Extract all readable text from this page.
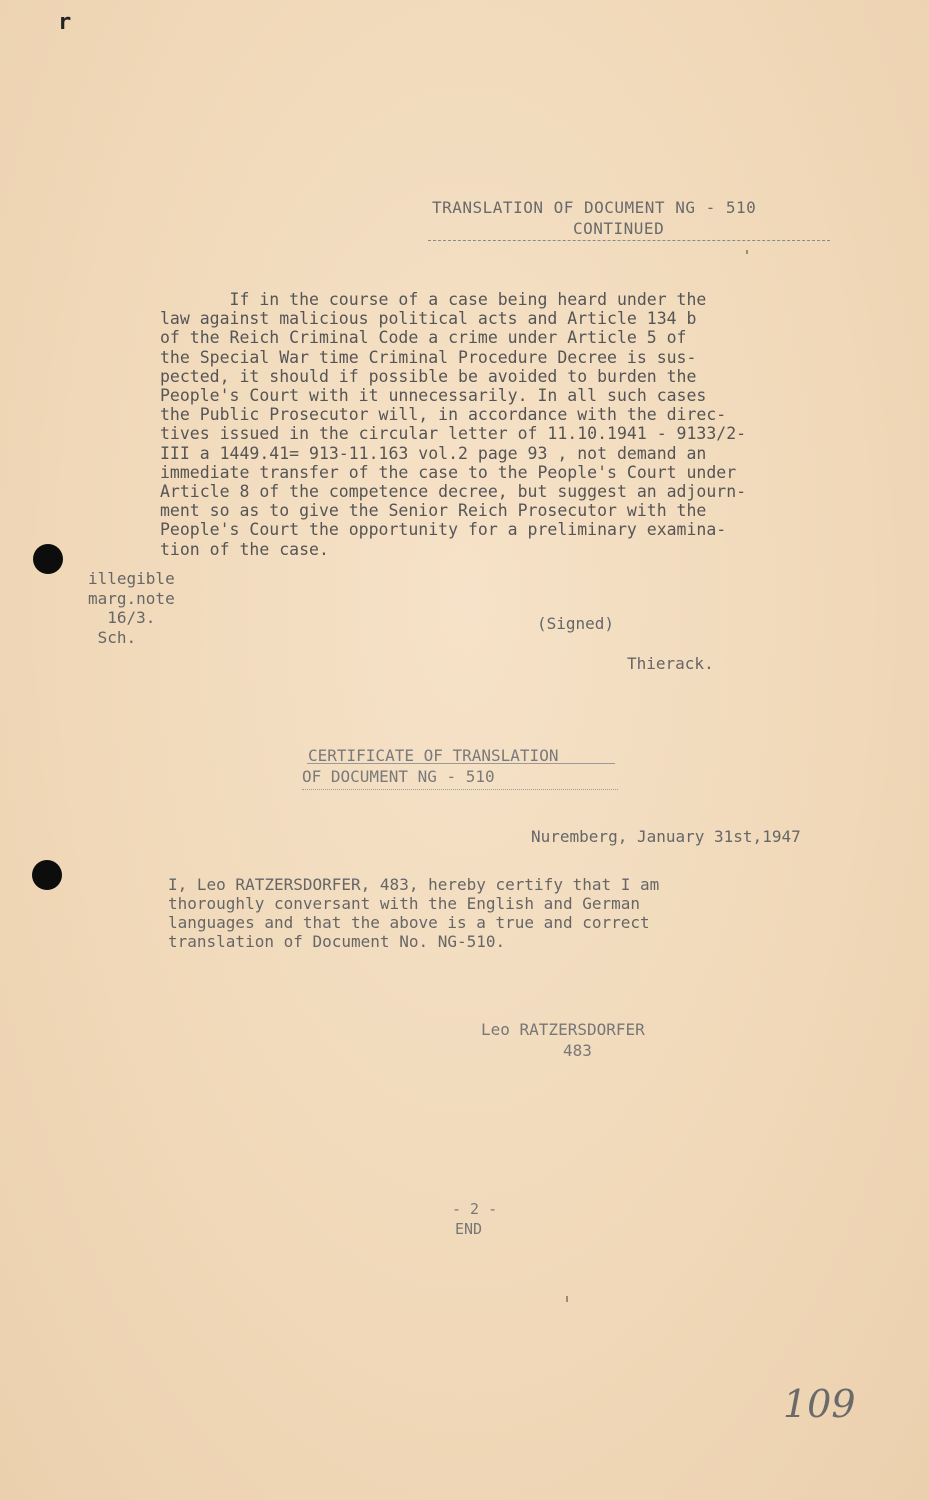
r
TRANSLATION OF DOCUMENT NG - 510
CONTINUED
If in the course of a case being heard under the
law against malicious political acts and Article 134 b
of the Reich Criminal Code a crime under Article 5 of
the Special War time Criminal Procedure Decree is sus-
pected, it should if possible be avoided to burden the
People's Court with it unnecessarily. In all such cases
the Public Prosecutor will, in accordance with the direc-
tives issued in the circular letter of 11.10.1941 - 9133/2-
III a 1449.41= 913-11.163 vol.2 page 93 , not demand an
immediate transfer of the case to the People's Court under
Article 8 of the competence decree, but suggest an adjourn-
ment so as to give the Senior Reich Prosecutor with the
People's Court the opportunity for a preliminary examina-
tion of the case.
illegible
marg.note
16/3.
Sch.
(Signed)
Thierack.
CERTIFICATE OF TRANSLATION
OF DOCUMENT NG - 510
Nuremberg, January 31st,1947
I, Leo RATZERSDORFER, 483, hereby certify that I am
thoroughly conversant with the English and German
languages and that the above is a true and correct
translation of Document No. NG-510.
Leo RATZERSDORFER
483
- 2 -
END
109
